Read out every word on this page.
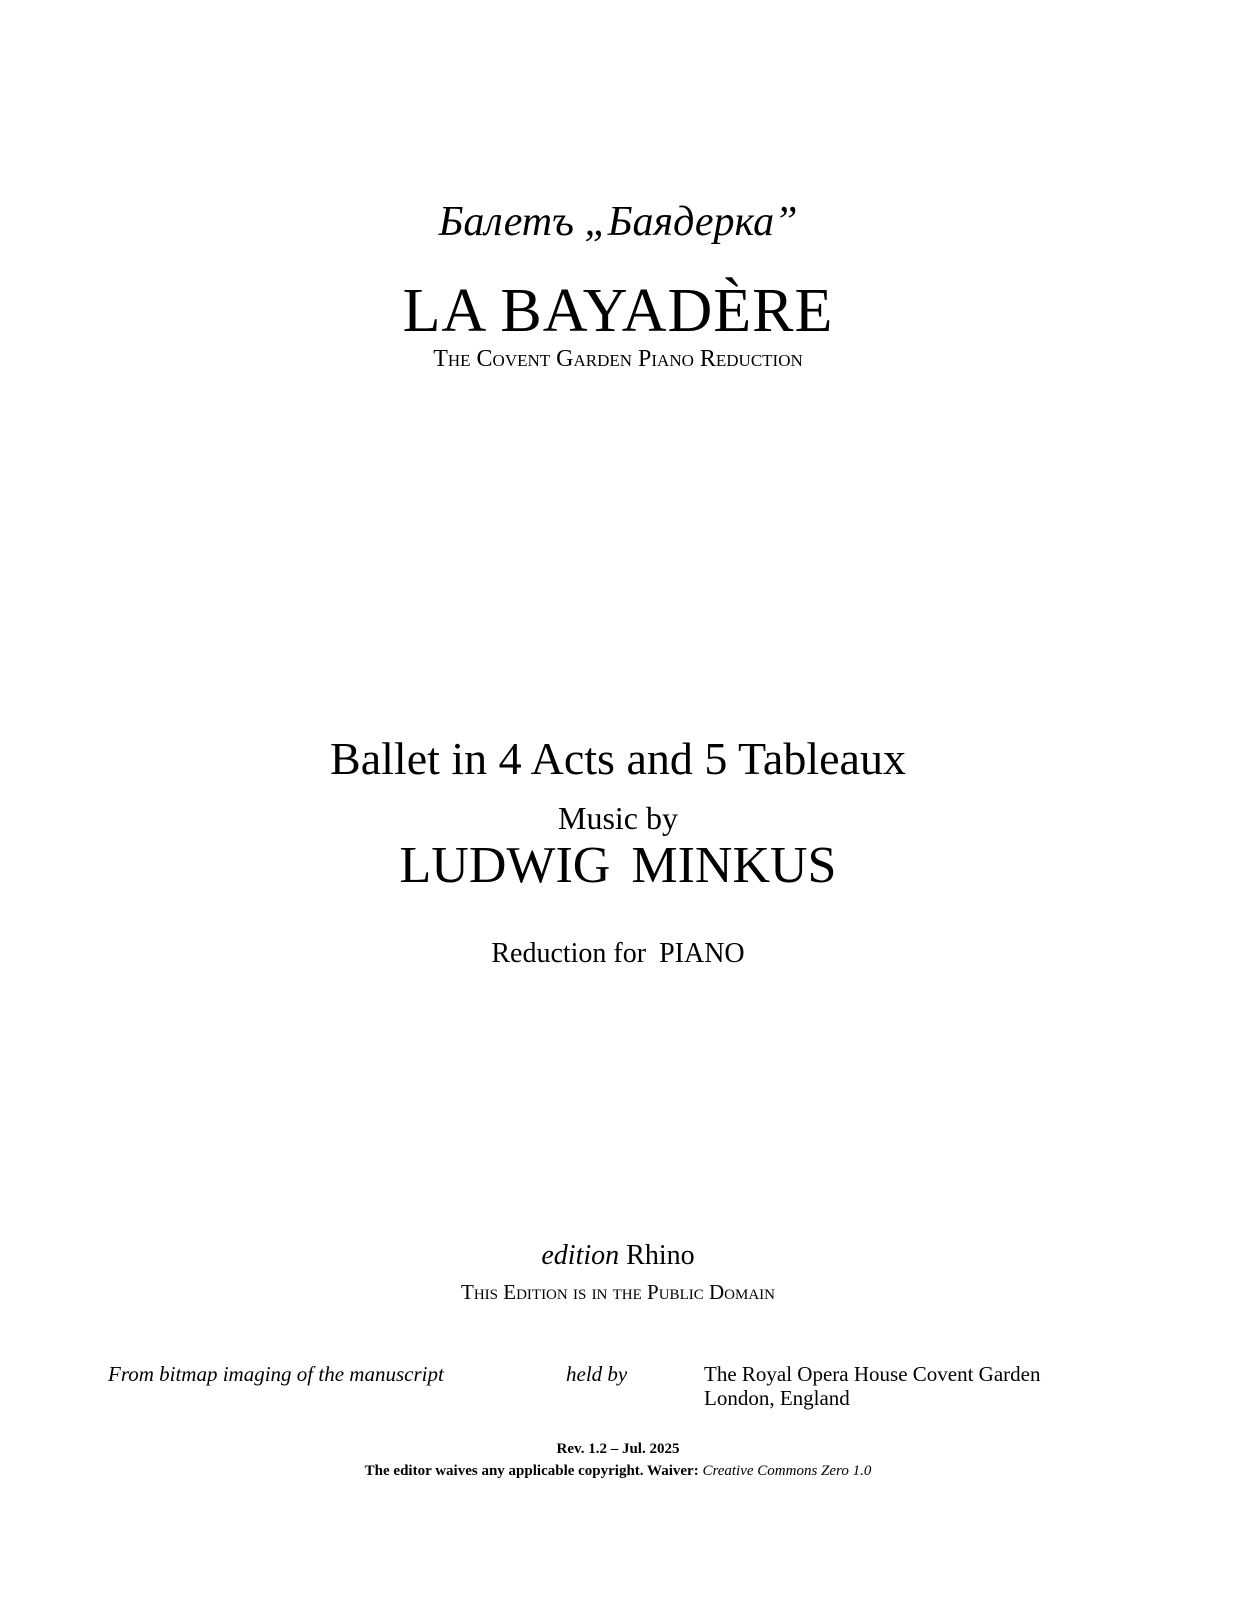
Балетъ „Баядерка”
LA BAYADÈRE
The Covent Garden Piano Reduction
Ballet in 4 Acts and 5 Tableaux
Music by
LUDWIG MINKUS
Reduction for PIANO
edition Rhino
This Edition is in the Public Domain
From bitmap imaging of the manuscript	held by	The Royal Opera House Covent Garden
London, England
Rev. 1.2 – Jul. 2025
The editor waives any applicable copyright. Waiver: Creative Commons Zero 1.0
